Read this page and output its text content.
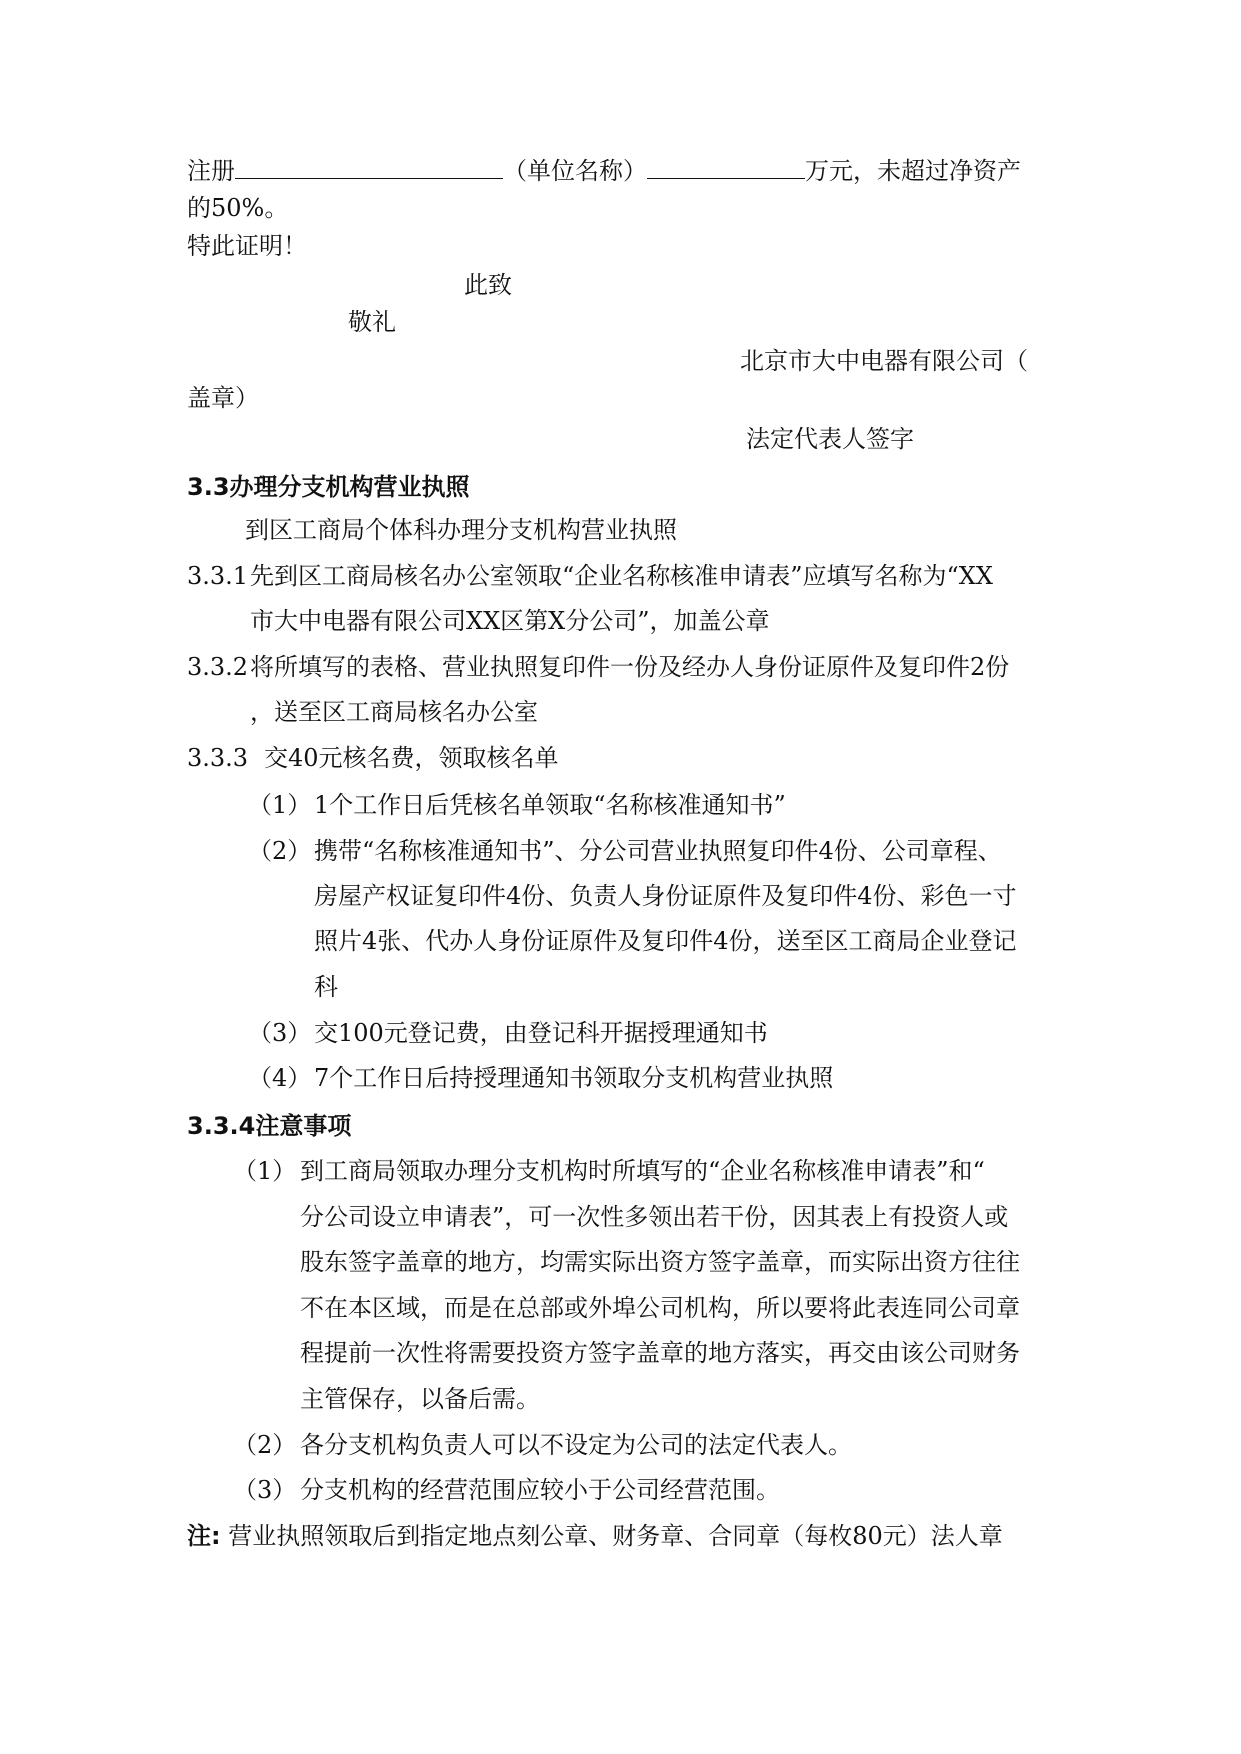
注册	（单位名称）	万元，未超过净资产
的50%。
特此证明！
此致
敬礼
北京市大中电器有限公司（
盖章）
法定代表人签字
3.3办理分支机构营业执照
到区工商局个体科办理分支机构营业执照
3.3.1 先到区工商局核名办公室领取“企业名称核准申请表”应填写名称为“XX
市大中电器有限公司XX区第X分公司”，加盖公章
3.3.2 将所填写的表格、营业执照复印件一份及经办人身份证原件及复印件2份
，送至区工商局核名办公室
3.3.3 交40元核名费，领取核名单
（1） 1个工作日后凭核名单领取“名称核准通知书”
（2） 携带“名称核准通知书”、分公司营业执照复印件4份、公司章程、
房屋产权证复印件4份、负责人身份证原件及复印件4份、彩色一寸
照片4张、代办人身份证原件及复印件4份，送至区工商局企业登记
科
（3） 交100元登记费，由登记科开据授理通知书
（4） 7个工作日后持授理通知书领取分支机构营业执照
3.3.4注意事项
（1） 到工商局领取办理分支机构时所填写的“企业名称核准申请表”和“
分公司设立申请表”，可一次性多领出若干份，因其表上有投资人或
股东签字盖章的地方，均需实际出资方签字盖章，而实际出资方往往
不在本区域，而是在总部或外埠公司机构，所以要将此表连同公司章
程提前一次性将需要投资方签字盖章的地方落实，再交由该公司财务
主管保存，以备后需。
（2） 各分支机构负责人可以不设定为公司的法定代表人。
（3） 分支机构的经营范围应较小于公司经营范围。
注: 营业执照领取后到指定地点刻公章、财务章、合同章（每枚80元）法人章
